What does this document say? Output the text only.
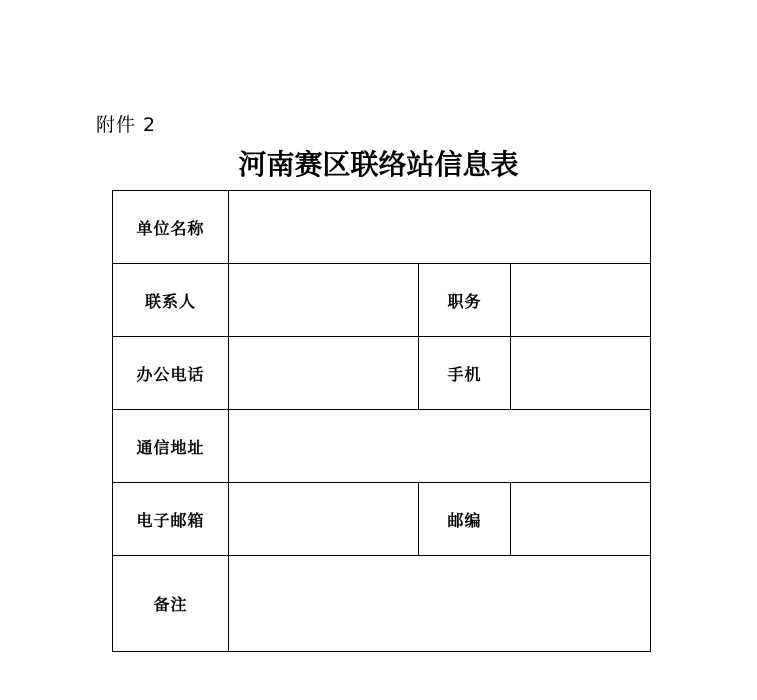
附件 2
河南赛区联络站信息表
单位名称			
联系人		职务	
办公电话		手机	
通信地址			
电子邮箱		邮编	
备注			
